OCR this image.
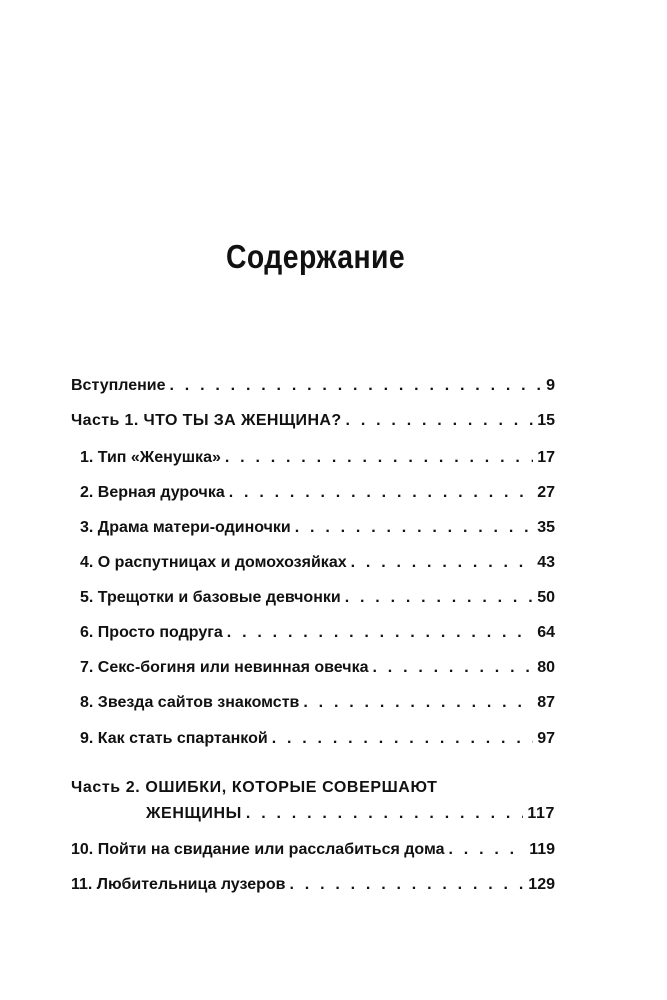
Содержание
Вступление . . .	9
Часть 1. ЧТО ТЫ ЗА ЖЕНЩИНА? . . .	15
1. Тип «Женушка» . . .	17
2. Верная дурочка . . .	27
3. Драма матери-одиночки . . .	35
4. О распутницах и домохозяйках . . .	43
5. Трещотки и базовые девчонки . . .	50
6. Просто подруга . . .	64
7. Секс-богиня или невинная овечка . . .	80
8. Звезда сайтов знакомств . . .	87
9. Как стать спартанкой . . .	97
Часть 2. ОШИБКИ, КОТОРЫЕ СОВЕРШАЮТ
ЖЕНЩИНЫ . . .	117
10. Пойти на свидание или расслабиться дома . . .	119
11. Любительница лузеров . . .	129
